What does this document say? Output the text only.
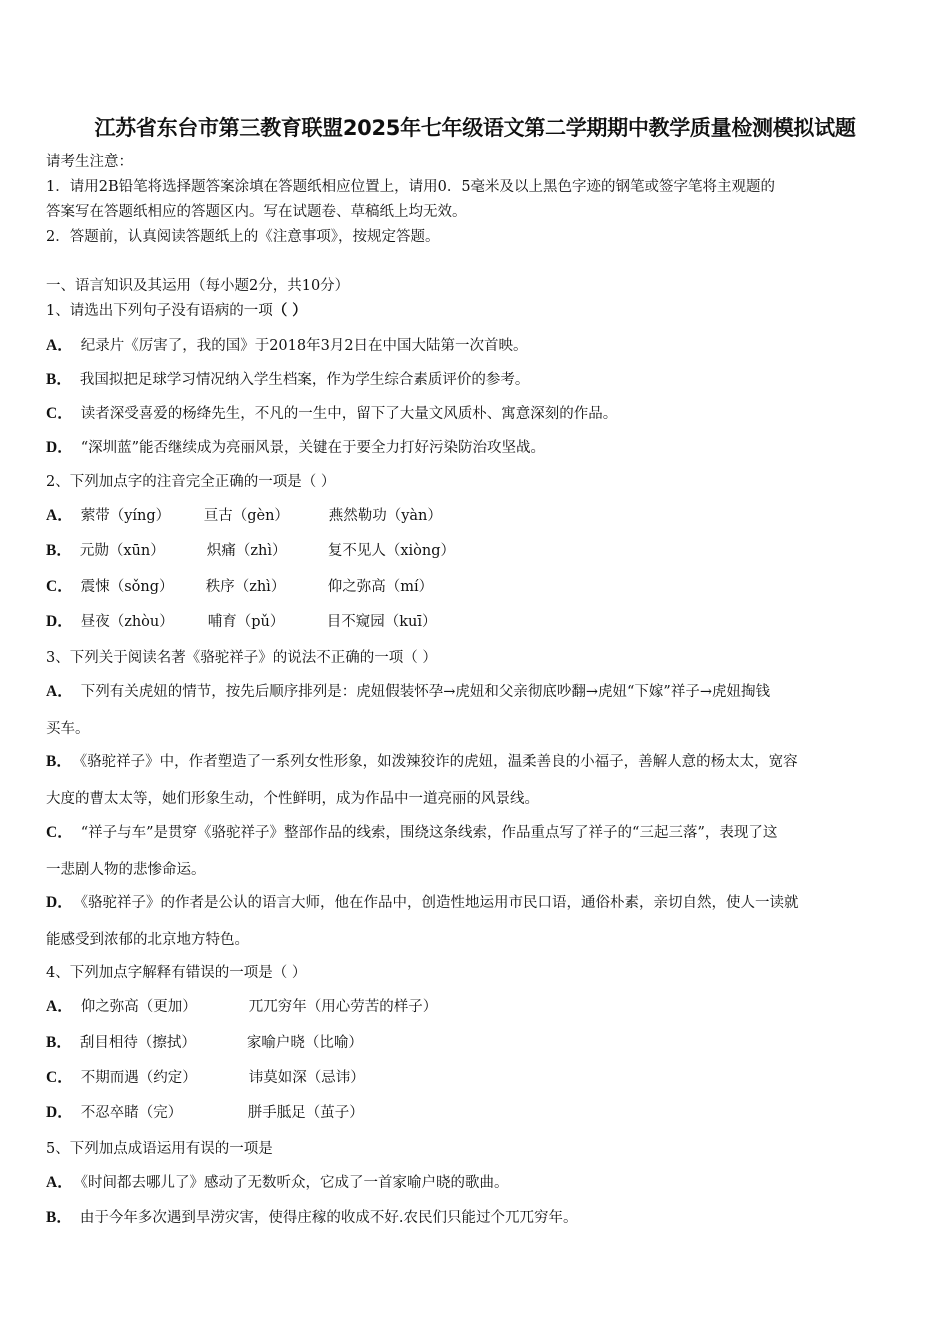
江苏省东台市第三教育联盟2025年七年级语文第二学期期中教学质量检测模拟试题
请考生注意：
1．请用2B铅笔将选择题答案涂填在答题纸相应位置上，请用0．5毫米及以上黑色字迹的钢笔或签字笔将主观题的
答案写在答题纸相应的答题区内。写在试题卷、草稿纸上均无效。
2．答题前，认真阅读答题纸上的《注意事项》，按规定答题。
一、语言知识及其运用（每小题2分，共10分）
1、请选出下列句子没有语病的一项（ ）
A． 纪录片《厉害了，我的国》于2018年3月2日在中国大陆第一次首映。
B． 我国拟把足球学习情况纳入学生档案，作为学生综合素质评价的参考。
C． 读者深受喜爱的杨绛先生，不凡的一生中，留下了大量文风质朴、寓意深刻的作品。
D． “深圳蓝”能否继续成为亮丽风景，关键在于要全力打好污染防治攻坚战。
2、下列加点字的注音完全正确的一项是（ ）
A． 萦带（yíng） 亘古（gèn）	燕然勒功（yàn）
B． 元勋（xūn）	炽痛（zhì）	复不见人（xiòng）
C． 震悚（sǒng） 秩序（zhì）	仰之弥高（mí）
D． 昼夜（zhòu） 哺育（pǔ）	目不窥园（kuī）
3、下列关于阅读名著《骆驼祥子》的说法不正确的一项（ ）
A． 下列有关虎妞的情节，按先后顺序排列是：虎妞假装怀孕→虎妞和父亲彻底吵翻→虎妞“下嫁”祥子→虎妞掏钱
买车。
B． 《骆驼祥子》中，作者塑造了一系列女性形象，如泼辣狡诈的虎妞，温柔善良的小福子，善解人意的杨太太，宽容
大度的曹太太等，她们形象生动，个性鲜明，成为作品中一道亮丽的风景线。
C． “祥子与车”是贯穿《骆驼祥子》整部作品的线索，围绕这条线索，作品重点写了祥子的“三起三落”，表现了这
一悲剧人物的悲惨命运。
D． 《骆驼祥子》的作者是公认的语言大师，他在作品中，创造性地运用市民口语，通俗朴素，亲切自然，使人一读就
能感受到浓郁的北京地方特色。
4、下列加点字解释有错误的一项是（ ）
A． 仰之弥高（更加）	兀兀穷年（用心劳苦的样子）
B． 刮目相待（擦拭）	家喻户晓（比喻）
C． 不期而遇（约定）	讳莫如深（忌讳）
D． 不忍卒睹（完）	胼手胝足（茧子）
5、下列加点成语运用有误的一项是
A． 《时间都去哪儿了》感动了无数听众，它成了一首家喻户晓的歌曲。
B． 由于今年多次遇到旱涝灾害，使得庄稼的收成不好.农民们只能过个兀兀穷年。
